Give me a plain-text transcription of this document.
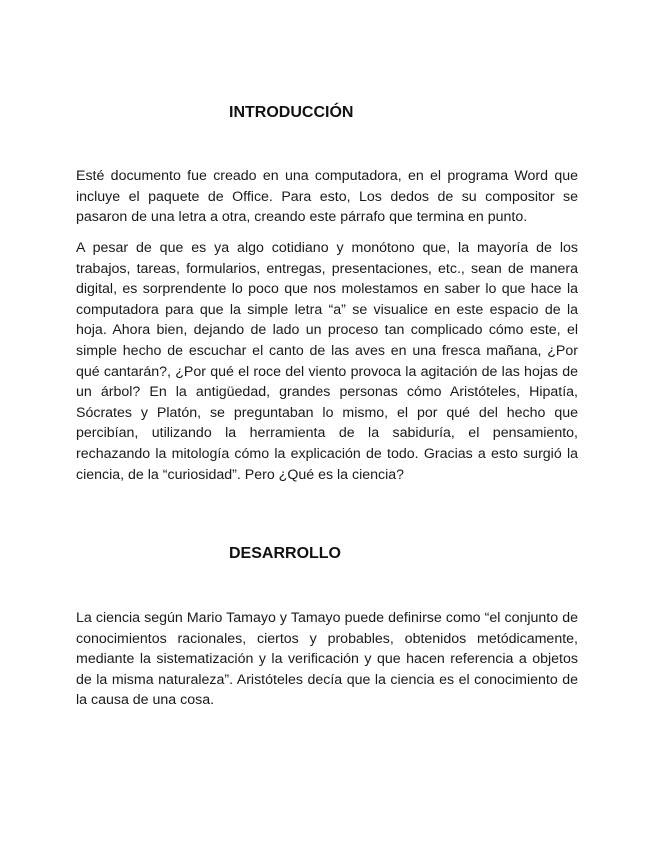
INTRODUCCIÓN

Esté documento fue creado en una computadora, en el programa Word que incluye el paquete de Office. Para esto, Los dedos de su compositor se pasaron de una letra a otra, creando este párrafo que termina en punto.

A pesar de que es ya algo cotidiano y monótono que, la mayoría de los trabajos, tareas, formularios, entregas, presentaciones, etc., sean de manera digital, es sorprendente lo poco que nos molestamos en saber lo que hace la computadora para que la simple letra “a” se visualice en este espacio de la hoja. Ahora bien, dejando de lado un proceso tan complicado cómo este, el simple hecho de escuchar el canto de las aves en una fresca mañana, ¿Por qué cantarán?, ¿Por qué el roce del viento provoca la agitación de las hojas de un árbol? En la antigüedad, grandes personas cómo Aristóteles, Hipatía, Sócrates y Platón, se preguntaban lo mismo, el por qué del hecho que percibían, utilizando la herramienta de la sabiduría, el pensamiento, rechazando la mitología cómo la explicación de todo. Gracias a esto surgió la ciencia, de la “curiosidad”. Pero ¿Qué es la ciencia?

DESARROLLO

La ciencia según Mario Tamayo y Tamayo puede definirse como “el conjunto de conocimientos racionales, ciertos y probables, obtenidos metódicamente, mediante la sistematización y la verificación y que hacen referencia a objetos de la misma naturaleza”. Aristóteles decía que la ciencia es el conocimiento de la causa de una cosa.
